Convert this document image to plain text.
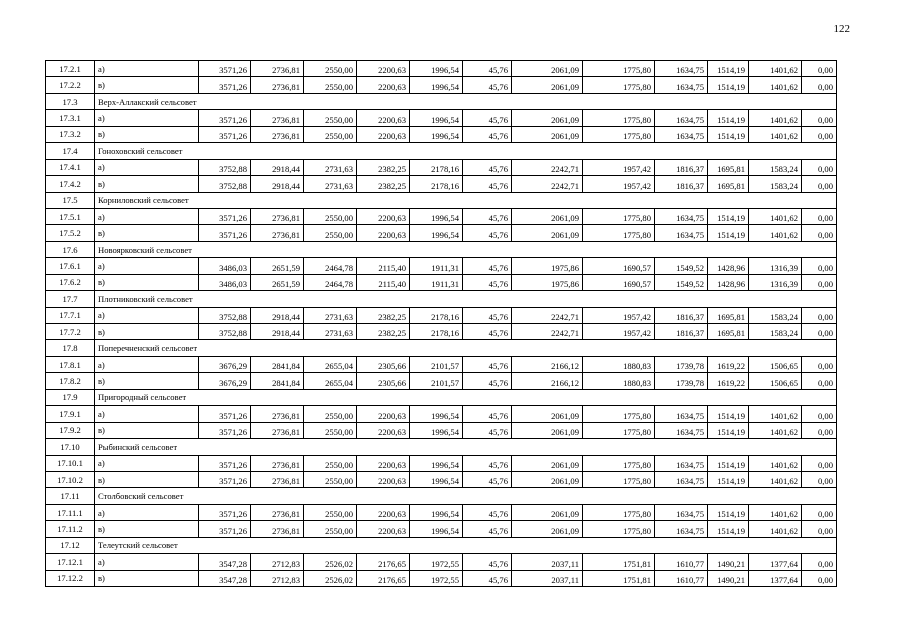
122
17.2.1	а)	3571,26	2736,81	2550,00	2200,63	1996,54	45,76	2061,09	1775,80	1634,75	1514,19	1401,62	0,00
17.2.2	в)	3571,26	2736,81	2550,00	2200,63	1996,54	45,76	2061,09	1775,80	1634,75	1514,19	1401,62	0,00
17.3	Верх-Аллакский сельсовет												
17.3.1	а)	3571,26	2736,81	2550,00	2200,63	1996,54	45,76	2061,09	1775,80	1634,75	1514,19	1401,62	0,00
17.3.2	в)	3571,26	2736,81	2550,00	2200,63	1996,54	45,76	2061,09	1775,80	1634,75	1514,19	1401,62	0,00
17.4	Гоноховский сельсовет												
17.4.1	а)	3752,88	2918,44	2731,63	2382,25	2178,16	45,76	2242,71	1957,42	1816,37	1695,81	1583,24	0,00
17.4.2	в)	3752,88	2918,44	2731,63	2382,25	2178,16	45,76	2242,71	1957,42	1816,37	1695,81	1583,24	0,00
17.5	Корниловский сельсовет												
17.5.1	а)	3571,26	2736,81	2550,00	2200,63	1996,54	45,76	2061,09	1775,80	1634,75	1514,19	1401,62	0,00
17.5.2	в)	3571,26	2736,81	2550,00	2200,63	1996,54	45,76	2061,09	1775,80	1634,75	1514,19	1401,62	0,00
17.6	Новоярковский сельсовет												
17.6.1	а)	3486,03	2651,59	2464,78	2115,40	1911,31	45,76	1975,86	1690,57	1549,52	1428,96	1316,39	0,00
17.6.2	в)	3486,03	2651,59	2464,78	2115,40	1911,31	45,76	1975,86	1690,57	1549,52	1428,96	1316,39	0,00
17.7	Плотниковский сельсовет												
17.7.1	а)	3752,88	2918,44	2731,63	2382,25	2178,16	45,76	2242,71	1957,42	1816,37	1695,81	1583,24	0,00
17.7.2	в)	3752,88	2918,44	2731,63	2382,25	2178,16	45,76	2242,71	1957,42	1816,37	1695,81	1583,24	0,00
17.8	Поперечненский сельсовет												
17.8.1	а)	3676,29	2841,84	2655,04	2305,66	2101,57	45,76	2166,12	1880,83	1739,78	1619,22	1506,65	0,00
17.8.2	в)	3676,29	2841,84	2655,04	2305,66	2101,57	45,76	2166,12	1880,83	1739,78	1619,22	1506,65	0,00
17.9	Пригородный сельсовет												
17.9.1	а)	3571,26	2736,81	2550,00	2200,63	1996,54	45,76	2061,09	1775,80	1634,75	1514,19	1401,62	0,00
17.9.2	в)	3571,26	2736,81	2550,00	2200,63	1996,54	45,76	2061,09	1775,80	1634,75	1514,19	1401,62	0,00
17.10	Рыбинский сельсовет												
17.10.1	а)	3571,26	2736,81	2550,00	2200,63	1996,54	45,76	2061,09	1775,80	1634,75	1514,19	1401,62	0,00
17.10.2	в)	3571,26	2736,81	2550,00	2200,63	1996,54	45,76	2061,09	1775,80	1634,75	1514,19	1401,62	0,00
17.11	Столбовский сельсовет												
17.11.1	а)	3571,26	2736,81	2550,00	2200,63	1996,54	45,76	2061,09	1775,80	1634,75	1514,19	1401,62	0,00
17.11.2	в)	3571,26	2736,81	2550,00	2200,63	1996,54	45,76	2061,09	1775,80	1634,75	1514,19	1401,62	0,00
17.12	Телеутский сельсовет												
17.12.1	а)	3547,28	2712,83	2526,02	2176,65	1972,55	45,76	2037,11	1751,81	1610,77	1490,21	1377,64	0,00
17.12.2	в)	3547,28	2712,83	2526,02	2176,65	1972,55	45,76	2037,11	1751,81	1610,77	1490,21	1377,64	0,00
